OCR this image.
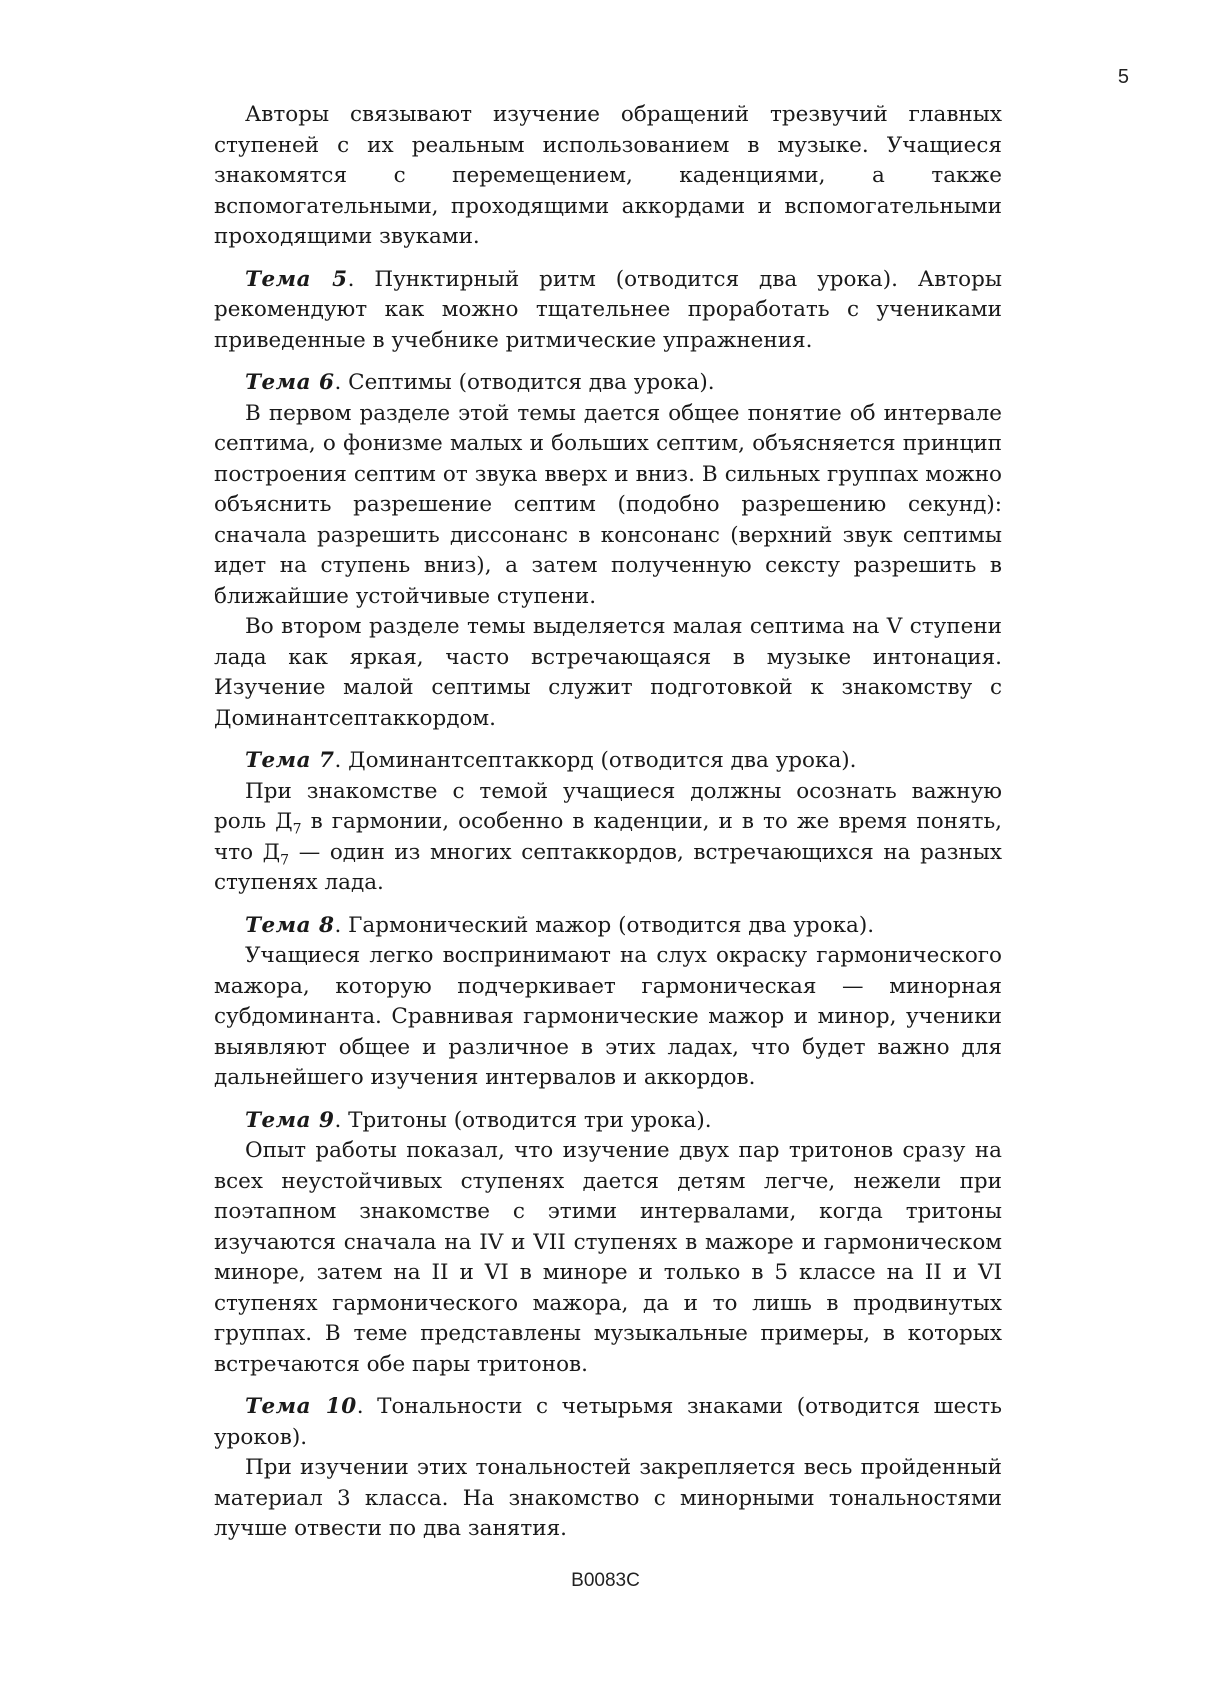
5

Авторы связывают изучение обращений трезвучий главных ступеней с их реальным использованием в музыке. Учащиеся знакомятся с перемещением, каденциями, а также вспомогательными, проходящими аккордами и вспомогательными проходящими звуками.

Тема 5. Пунктирный ритм (отводится два урока). Авторы рекомендуют как можно тщательнее проработать с учениками приведенные в учебнике ритмические упражнения.

Тема 6. Септимы (отводится два урока).

В первом разделе этой темы дается общее понятие об интервале септима, о фонизме малых и больших септим, объясняется принцип построения септим от звука вверх и вниз. В сильных группах можно объяснить разрешение септим (подобно разрешению секунд): сначала разрешить диссонанс в консонанс (верхний звук септимы идет на ступень вниз), а затем полученную сексту разрешить в ближайшие устойчивые ступени.

Во втором разделе темы выделяется малая септима на V ступени лада как яркая, часто встречающаяся в музыке интонация. Изучение малой септимы служит подготовкой к знакомству с Доминантсептаккордом.

Тема 7. Доминантсептаккорд (отводится два урока).

При знакомстве с темой учащиеся должны осознать важную роль $Д_7$ в гармонии, особенно в каденции, и в то же время понять, что $Д_7$ — один из многих септаккордов, встречающихся на разных ступенях лада.

Тема 8. Гармонический мажор (отводится два урока).

Учащиеся легко воспринимают на слух окраску гармонического мажора, которую подчеркивает гармоническая — минорная субдоминанта. Сравнивая гармонические мажор и минор, ученики выявляют общее и различное в этих ладах, что будет важно для дальнейшего изучения интервалов и аккордов.

Тема 9. Тритоны (отводится три урока).

Опыт работы показал, что изучение двух пар тритонов сразу на всех неустойчивых ступенях дается детям легче, нежели при поэтапном знакомстве с этими интервалами, когда тритоны изучаются сначала на IV и VII ступенях в мажоре и гармоническом миноре, затем на II и VI в миноре и только в 5 классе на II и VI ступенях гармонического мажора, да и то лишь в продвинутых группах. В теме представлены музыкальные примеры, в которых встречаются обе пары тритонов.

Тема 10. Тональности с четырьмя знаками (отводится шесть уроков).

При изучении этих тональностей закрепляется весь пройденный материал 3 класса. На знакомство с минорными тональностями лучше отвести по два занятия.

B0083C
